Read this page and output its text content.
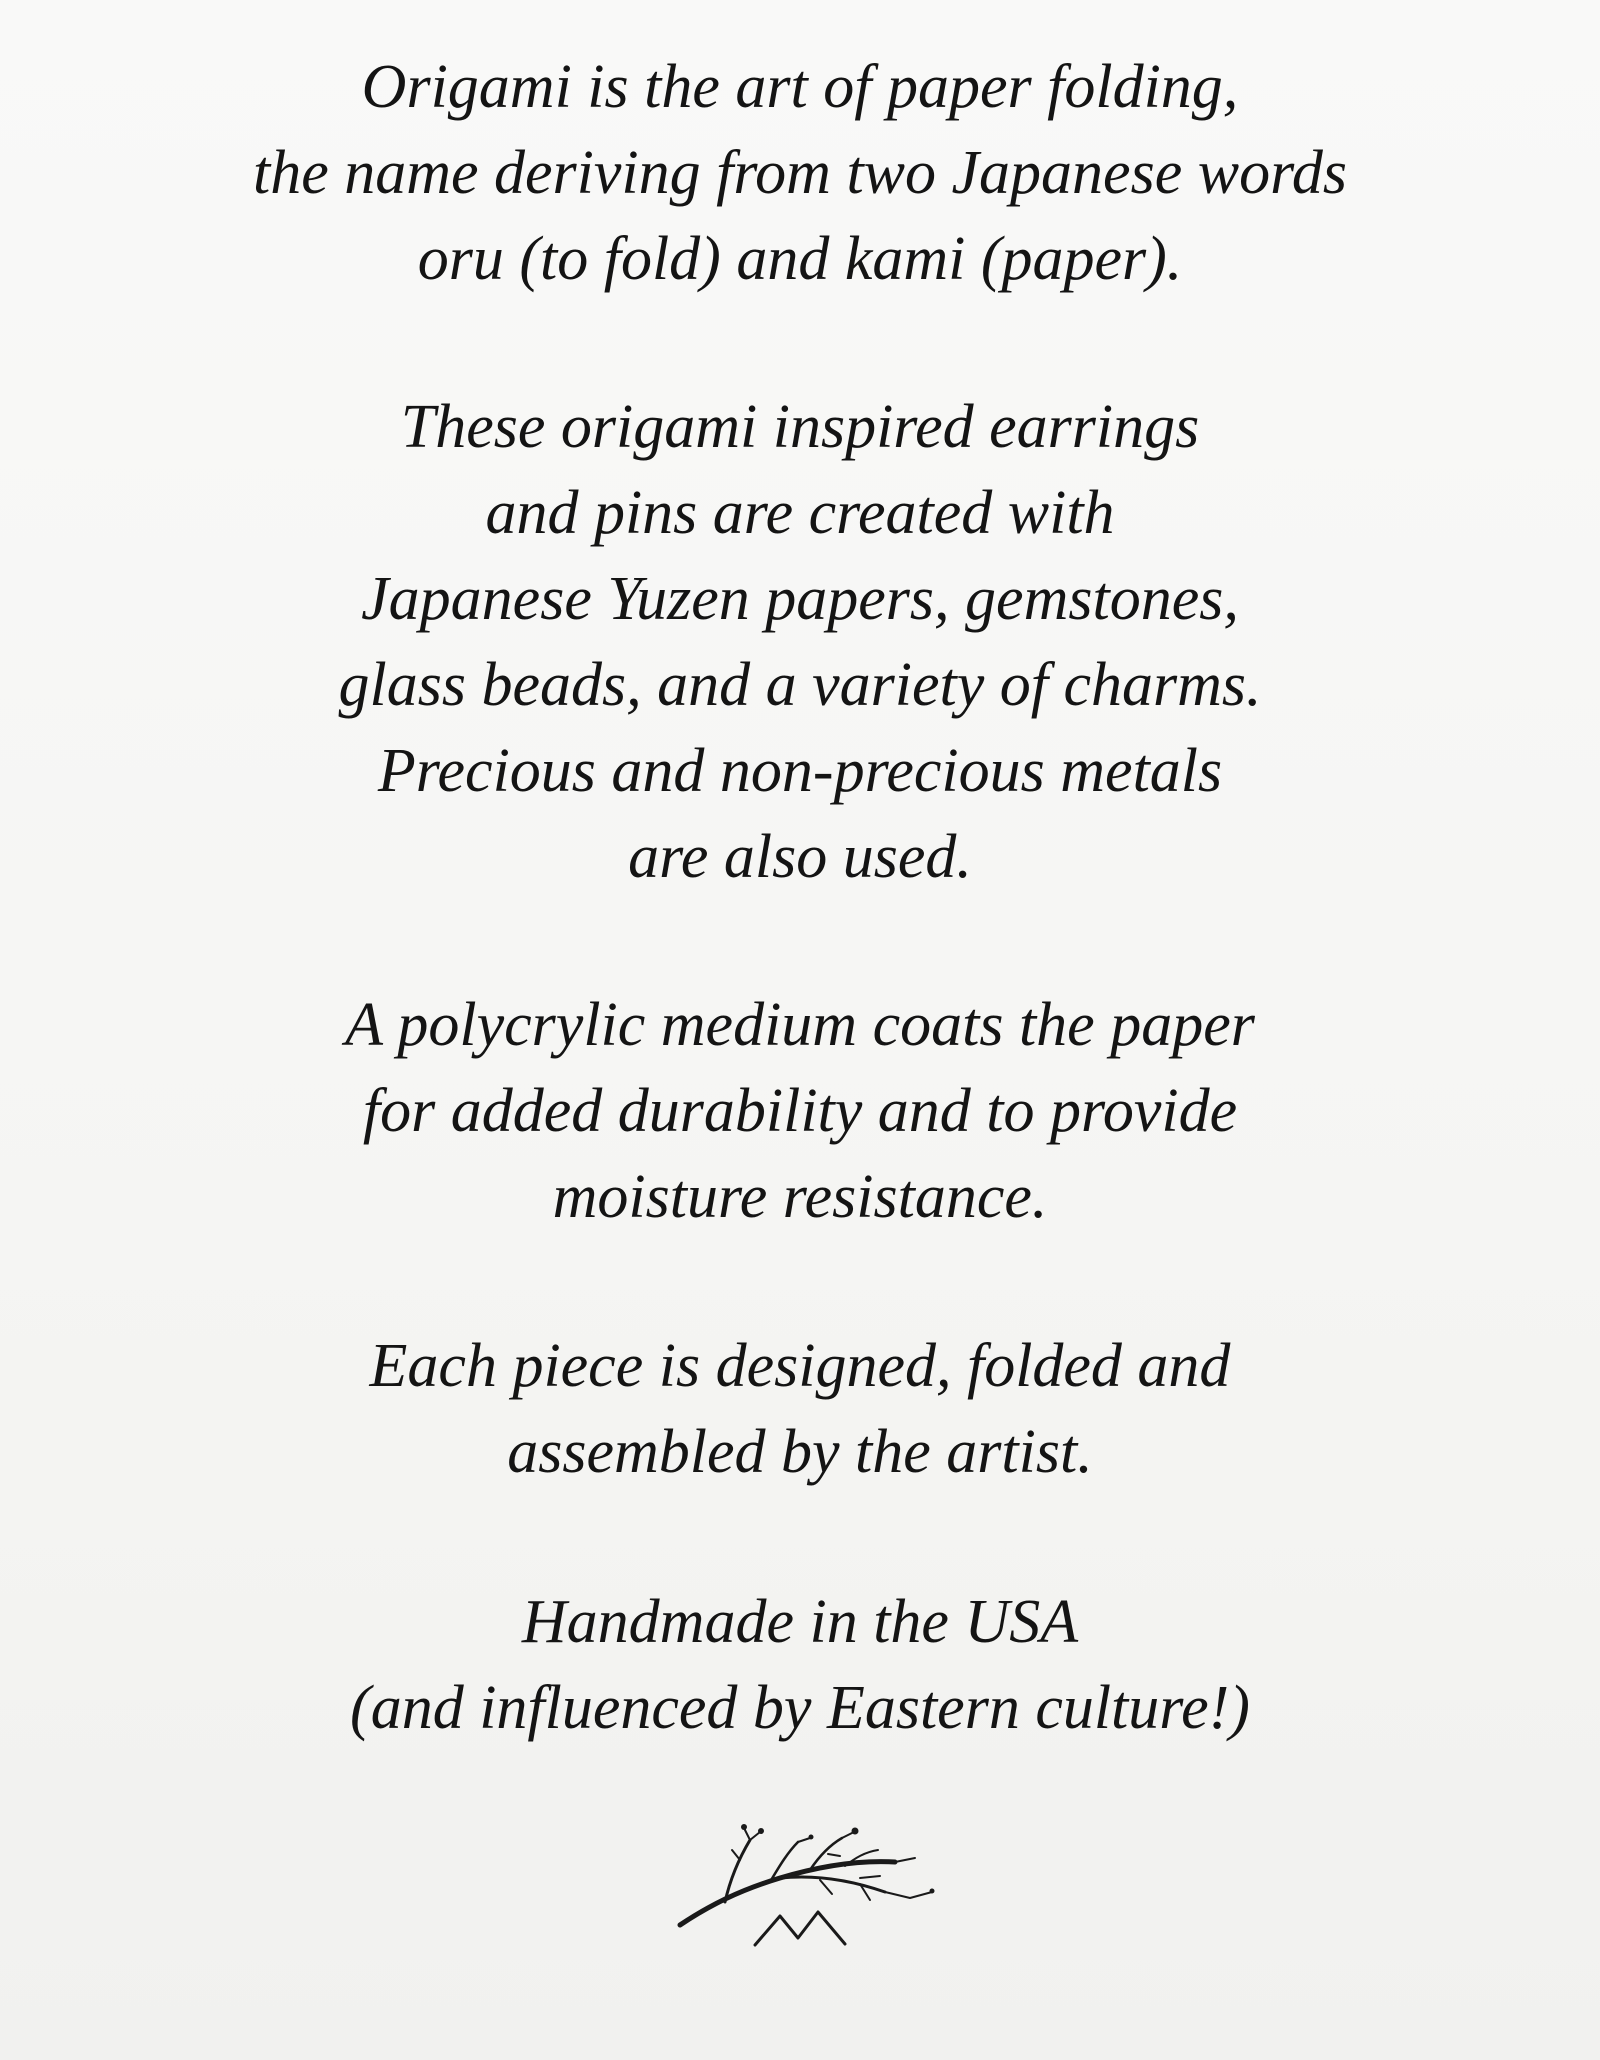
Origami is the art of paper folding,
the name deriving from two Japanese words
oru (to fold) and kami (paper).
These origami inspired earrings
and pins are created with
Japanese Yuzen papers, gemstones,
glass beads, and a variety of charms.
Precious and non-precious metals
are also used.
A polycrylic medium coats the paper
for added durability and to provide
moisture resistance.
Each piece is designed, folded and
assembled by the artist.
Handmade in the USA
(and influenced by Eastern culture!)
